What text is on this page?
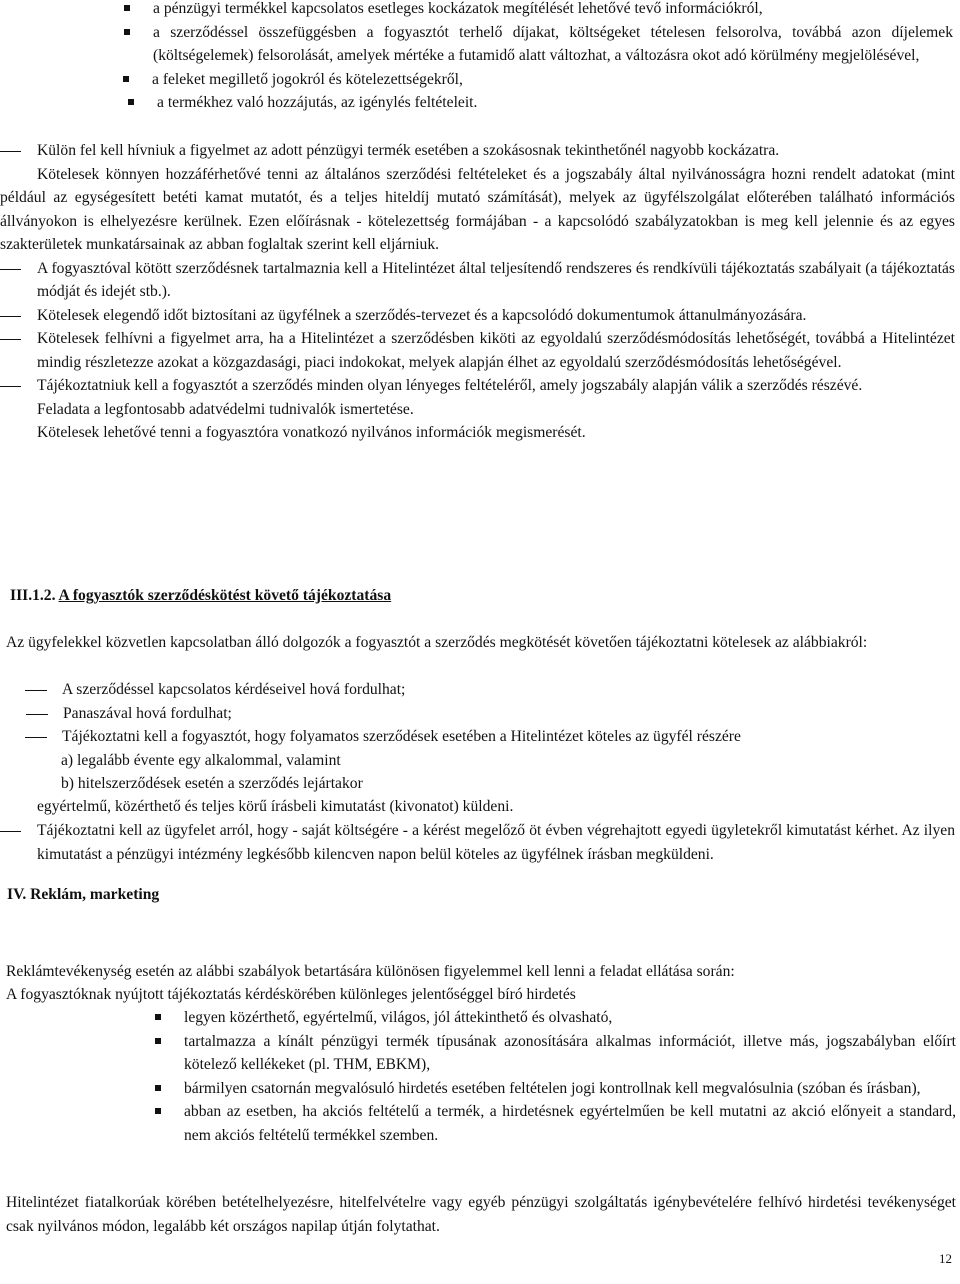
a pénzügyi termékkel kapcsolatos esetleges kockázatok megítélését lehetővé tevő információkról,

a szerződéssel összefüggésben a fogyasztót terhelő díjakat, költségeket tételesen felsorolva, továbbá azon díjelemek (költségelemek) felsorolását, amelyek mértéke a futamidő alatt változhat, a változásra okot adó körülmény megjelölésével,

a feleket megillető jogokról és kötelezettségekről,

a termékhez való hozzájutás, az igénylés feltételeit.

Külön fel kell hívniuk a figyelmet az adott pénzügyi termék esetében a szokásosnak tekinthetőnél nagyobb kockázatra.

Kötelesek könnyen hozzáférhetővé tenni az általános szerződési feltételeket és a jogszabály által nyilvánosságra hozni rendelt adatokat (mint például az egységesített betéti kamat mutatót, és a teljes hiteldíj mutató számítását), melyek az ügyfélszolgálat előterében található információs állványokon is elhelyezésre kerülnek. Ezen előírásnak - kötelezettség formájában - a kapcsolódó szabályzatokban is meg kell jelennie és az egyes szakterületek munkatársainak az abban foglaltak szerint kell eljárniuk.

A fogyasztóval kötött szerződésnek tartalmaznia kell a Hitelintézet által teljesítendő rendszeres és rendkívüli tájékoztatás szabályait (a tájékoztatás módját és idejét stb.).

Kötelesek elegendő időt biztosítani az ügyfélnek a szerződés-tervezet és a kapcsolódó dokumentumok áttanulmányozására.

Kötelesek felhívni a figyelmet arra, ha a Hitelintézet a szerződésben kiköti az egyoldalú szerződésmódosítás lehetőségét, továbbá a Hitelintézet mindig részletezze azokat a közgazdasági, piaci indokokat, melyek alapján élhet az egyoldalú szerződésmódosítás lehetőségével.

Tájékoztatniuk kell a fogyasztót a szerződés minden olyan lényeges feltételéről, amely jogszabály alapján válik a szerződés részévé.

Feladata a legfontosabb adatvédelmi tudnivalók ismertetése.

Kötelesek lehetővé tenni a fogyasztóra vonatkozó nyilvános információk megismerését.

III.1.2. A fogyasztók szerződéskötést követő tájékoztatása

Az ügyfelekkel közvetlen kapcsolatban álló dolgozók a fogyasztót a szerződés megkötését követően tájékoztatni kötelesek az alábbiakról:

A szerződéssel kapcsolatos kérdéseivel hová fordulhat;

Panaszával hová fordulhat;

Tájékoztatni kell a fogyasztót, hogy folyamatos szerződések esetében a Hitelintézet köteles az ügyfél részére

a) legalább évente egy alkalommal, valamint

b) hitelszerződések esetén a szerződés lejártakor

egyértelmű, közérthető és teljes körű írásbeli kimutatást (kivonatot) küldeni.

Tájékoztatni kell az ügyfelet arról, hogy - saját költségére - a kérést megelőző öt évben végrehajtott egyedi ügyletekről kimutatást kérhet. Az ilyen kimutatást a pénzügyi intézmény legkésőbb kilencven napon belül köteles az ügyfélnek írásban megküldeni.

IV. Reklám, marketing

Reklámtevékenység esetén az alábbi szabályok betartására különösen figyelemmel kell lenni a feladat ellátása során:

A fogyasztóknak nyújtott tájékoztatás kérdéskörében különleges jelentőséggel bíró hirdetés

legyen közérthető, egyértelmű, világos, jól áttekinthető és olvasható,

tartalmazza a kínált pénzügyi termék típusának azonosítására alkalmas információt, illetve más, jogszabályban előírt kötelező kellékeket (pl. THM, EBKM),

bármilyen csatornán megvalósuló hirdetés esetében feltételen jogi kontrollnak kell megvalósulnia (szóban és írásban),

abban az esetben, ha akciós feltételű a termék, a hirdetésnek egyértelműen be kell mutatni az akció előnyeit a standard, nem akciós feltételű termékkel szemben.

Hitelintézet fiatalkorúak körében betételhelyezésre, hitelfelvételre vagy egyéb pénzügyi szolgáltatás igénybevételére felhívó hirdetési tevékenységet csak nyilvános módon, legalább két országos napilap útján folytathat.

12
